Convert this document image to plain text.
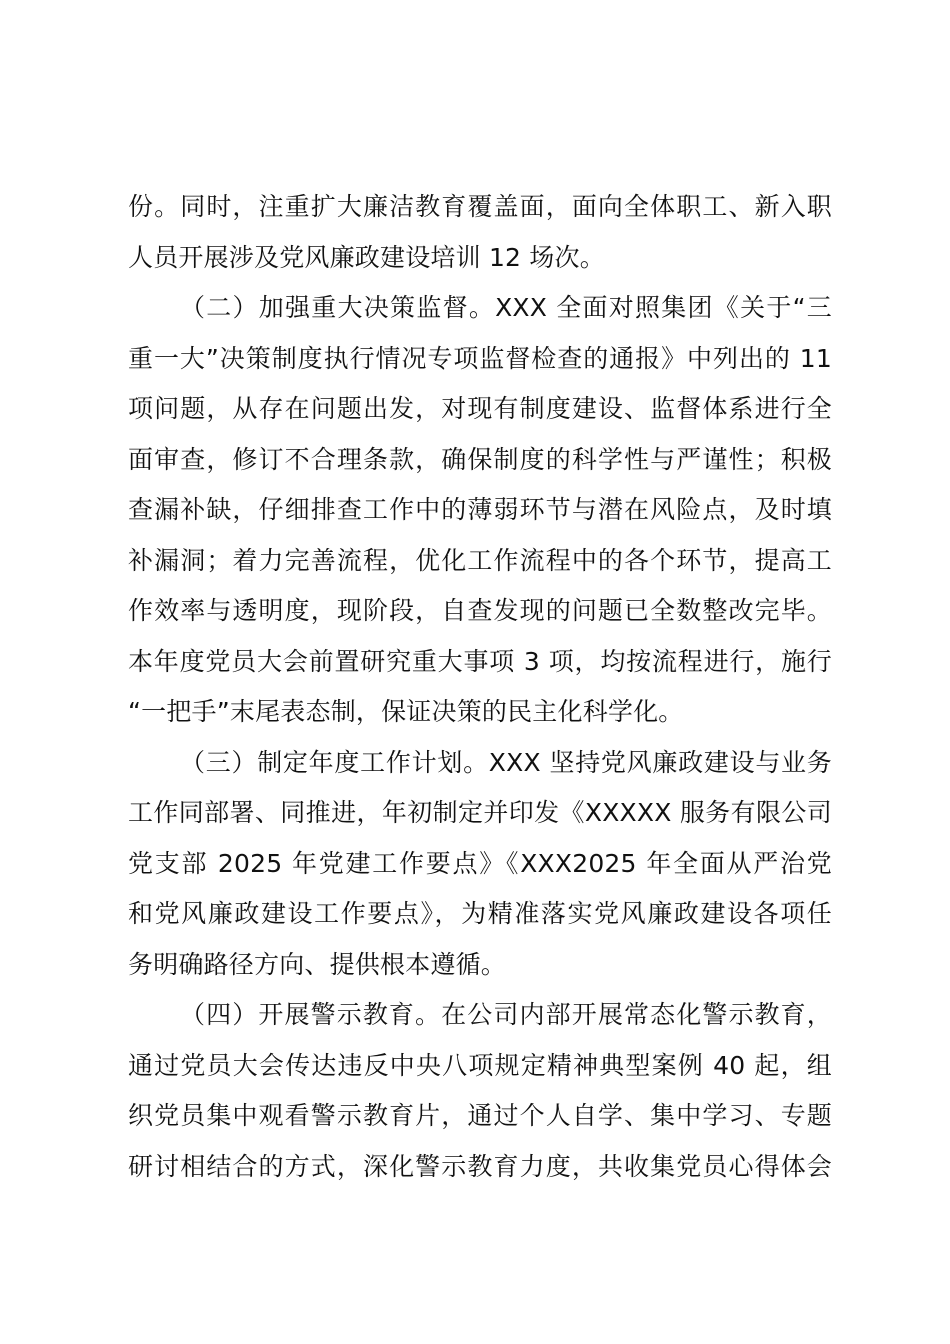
份。同时，注重扩大廉洁教育覆盖面，面向全体职工、新入职
人员开展涉及党风廉政建设培训 12 场次。
（二）加强重大决策监督。XXX 全面对照集团《关于“三
重一大”决策制度执行情况专项监督检查的通报》中列出的 11
项问题，从存在问题出发，对现有制度建设、监督体系进行全
面审查，修订不合理条款，确保制度的科学性与严谨性；积极
查漏补缺，仔细排查工作中的薄弱环节与潜在风险点，及时填
补漏洞；着力完善流程，优化工作流程中的各个环节，提高工
作效率与透明度，现阶段，自查发现的问题已全数整改完毕。
本年度党员大会前置研究重大事项 3 项，均按流程进行，施行
“一把手”末尾表态制，保证决策的民主化科学化。
（三）制定年度工作计划。XXX 坚持党风廉政建设与业务
工作同部署、同推进，年初制定并印发《XXXXX 服务有限公司
党支部 2025 年党建工作要点》《XXX2025 年全面从严治党
和党风廉政建设工作要点》，为精准落实党风廉政建设各项任
务明确路径方向、提供根本遵循。
（四）开展警示教育。在公司内部开展常态化警示教育，
通过党员大会传达违反中央八项规定精神典型案例 40 起，组
织党员集中观看警示教育片，通过个人自学、集中学习、专题
研讨相结合的方式，深化警示教育力度，共收集党员心得体会
